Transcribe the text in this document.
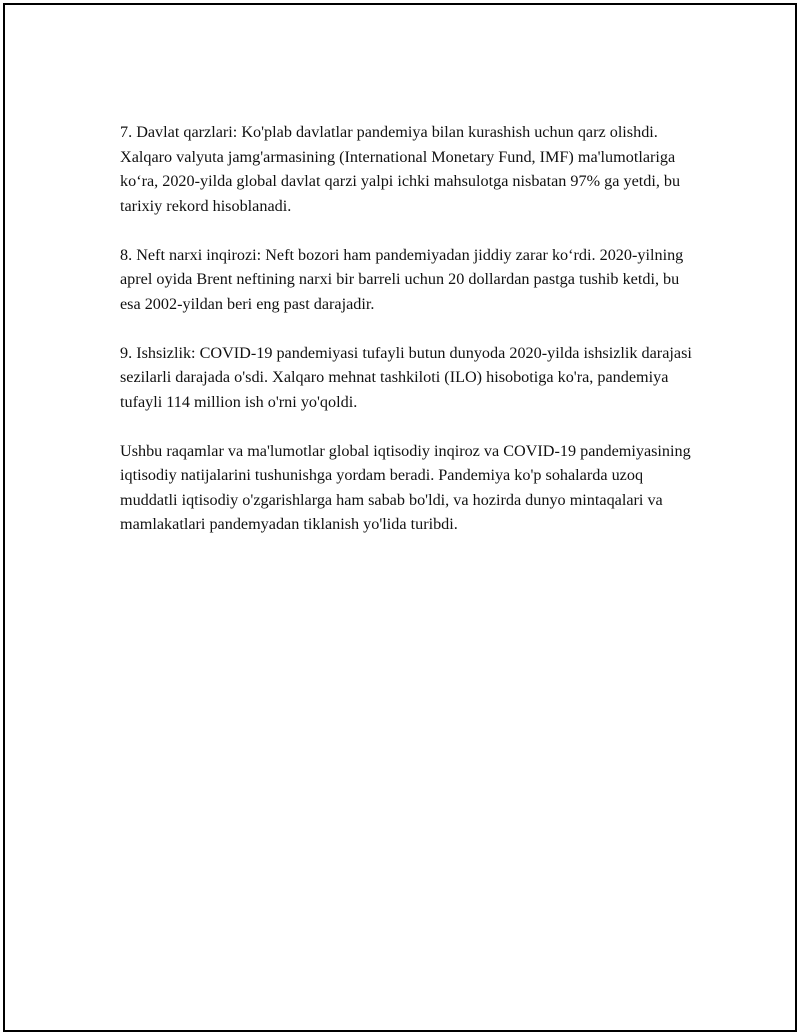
7. Davlat qarzlari: Ko'plab davlatlar pandemiya bilan kurashish uchun qarz olishdi. Xalqaro valyuta jamg'armasining (International Monetary Fund, IMF) ma'lumotlariga ko‘ra, 2020-yilda global davlat qarzi yalpi ichki mahsulotga nisbatan 97% ga yetdi, bu tarixiy rekord hisoblanadi.

8. Neft narxi inqirozi: Neft bozori ham pandemiyadan jiddiy zarar ko‘rdi. 2020-yilning aprel oyida Brent neftining narxi bir barreli uchun 20 dollardan pastga tushib ketdi, bu esa 2002-yildan beri eng past darajadir.

9. Ishsizlik: COVID-19 pandemiyasi tufayli butun dunyoda 2020-yilda ishsizlik darajasi sezilarli darajada o'sdi. Xalqaro mehnat tashkiloti (ILO) hisobotiga ko'ra, pandemiya tufayli 114 million ish o'rni yo'qoldi.

Ushbu raqamlar va ma'lumotlar global iqtisodiy inqiroz va COVID-19 pandemiyasining iqtisodiy natijalarini tushunishga yordam beradi. Pandemiya ko'p sohalarda uzoq muddatli iqtisodiy o'zgarishlarga ham sabab bo'ldi, va hozirda dunyo mintaqalari va mamlakatlari pandemyadan tiklanish yo'lida turibdi.
